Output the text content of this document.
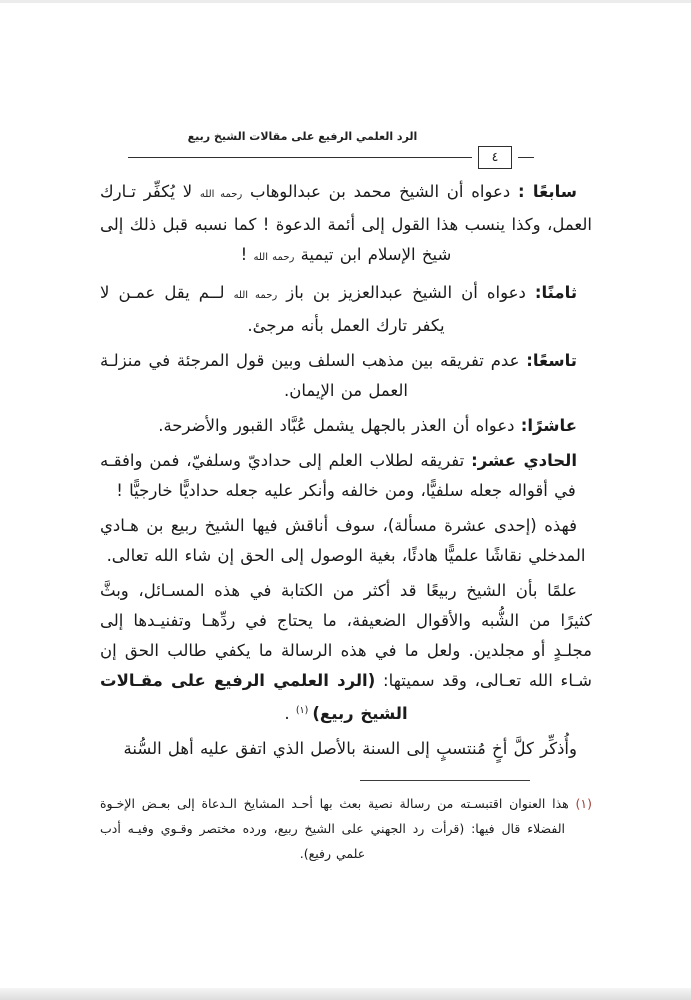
الرد العلمي الرفيع على مقالات الشيخ ربيع
٤

سابعًا : دعواه أن الشيخ محمد بن عبدالوهاب رحمه الله لا يُكفِّر تـارك العمل، وكذا ينسب هذا القول إلى أئمة الدعوة ! كما نسبه قبل ذلك إلى شيخ الإسلام ابن تيمية رحمه الله !

ثامنًا: دعواه أن الشيخ عبدالعزيز بن باز رحمه الله لــم يقل عمـن لا يكفر تارك العمل بأنه مرجئ.

تاسعًا: عدم تفريقه بين مذهب السلف وبين قول المرجئة في منزلـة العمل من الإيمان.

عاشرًا: دعواه أن العذر بالجهل يشمل عُبَّاد القبور والأضرحة.

الحادي عشر: تفريقه لطلاب العلم إلى حداديّ وسلفيّ، فمن وافقـه في أقواله جعله سلفيًّا، ومن خالفه وأنكر عليه جعله حداديًّا خارجيًّا !

فهذه (إحدى عشرة مسألة)، سوف أناقش فيها الشيخ ربيع بن هـادي المدخلي نقاشًا علميًّا هادئًا، بغية الوصول إلى الحق إن شاء الله تعالى.

علمًا بأن الشيخ ربيعًا قد أكثر من الكتابة في هذه المسـائل، وبثَّ كثيرًا من الشُّبه والأقوال الضعيفة، ما يحتاج في ردِّهـا وتفنيـدها إلى مجلـدٍ أو مجلدين. ولعل ما في هذه الرسالة ما يكفي طالب الحق إن شـاء الله تعـالى، وقد سميتها: (الرد العلمي الرفيع على مقـالات الشيخ ربيع) $^{(١)}$ .

وأُذكِّر كلَّ أخٍ مُنتسبٍ إلى السنة بالأصل الذي اتفق عليه أهل السُّنة

(١) هذا العنوان اقتبسـته من رسالة نصية بعث بها أحـد المشايخ الـدعاة إلى بعـض الإخـوة الفضلاء قال فيها: (قرأت رد الجهني على الشيخ ربيع، ورده مختصر وقـوي وفيـه أدب علمي رفيع).
